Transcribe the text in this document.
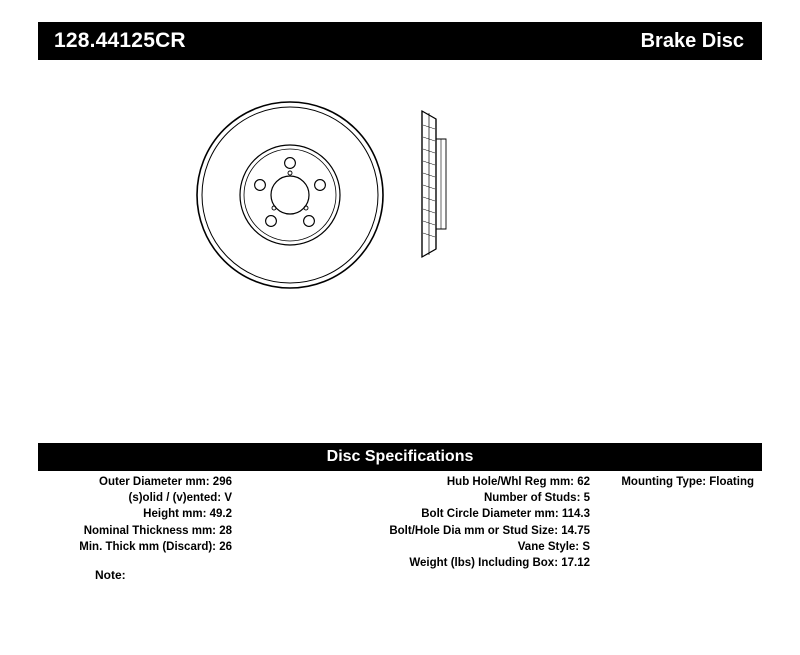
128.44125CR	Brake Disc
Disc Specifications
Outer Diameter mm: 296
(s)olid / (v)ented: V
Height mm: 49.2
Nominal Thickness mm: 28
Min. Thick mm (Discard): 26
Hub Hole/Whl Reg mm: 62
Number of Studs: 5
Bolt Circle Diameter mm: 114.3
Bolt/Hole Dia mm or Stud Size: 14.75
Vane Style: S
Weight (lbs) Including Box: 17.12
Mounting Type: Floating
Note:
